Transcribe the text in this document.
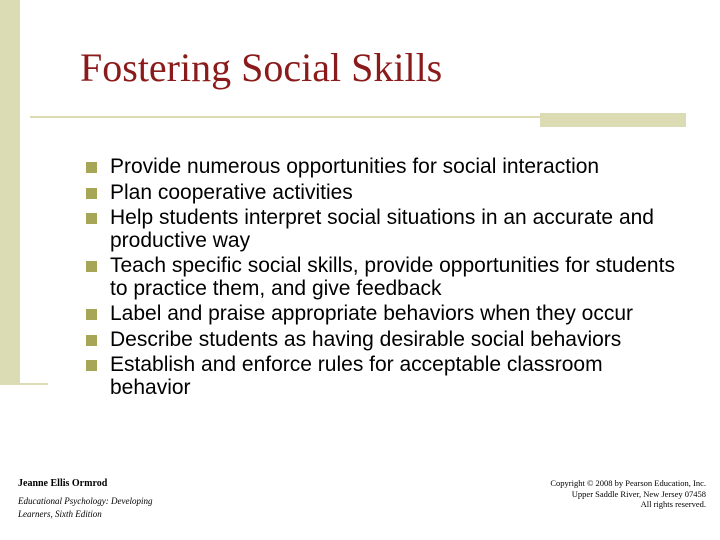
Fostering Social Skills
Provide numerous opportunities for social interaction
Plan cooperative activities
Help students interpret social situations in an accurate and productive way
Teach specific social skills, provide opportunities for students to practice them, and give feedback
Label and praise appropriate behaviors when they occur
Describe students as having desirable social behaviors
Establish and enforce rules for acceptable classroom behavior
Jeanne Ellis Ormrod
Educational Psychology: Developing Learners, Sixth Edition
Copyright © 2008 by Pearson Education, Inc.
Upper Saddle River, New Jersey 07458
All rights reserved.
